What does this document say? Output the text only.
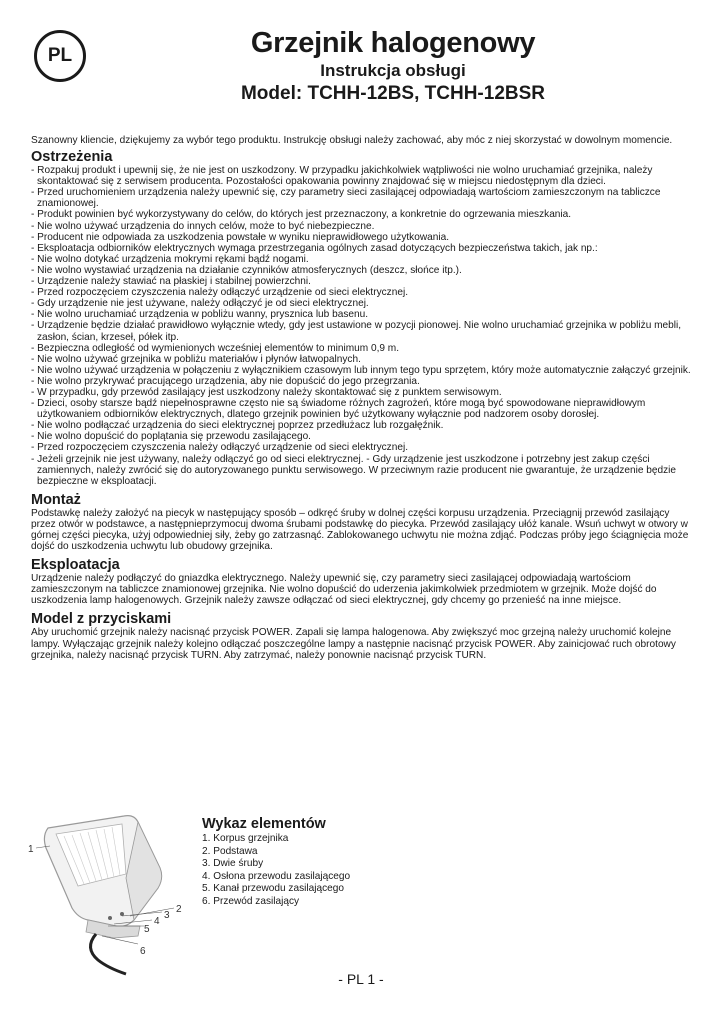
PL	Grzejnik halogenowy
Instrukcja obsługi
Model: TCHH-12BS, TCHH-12BSR

Szanowny kliencie, dziękujemy za wybór tego produktu. Instrukcję obsługi należy zachować, aby móc z niej skorzystać w dowolnym momencie.

Ostrzeżenia
- Rozpakuj produkt i upewnij się, że nie jest on uszkodzony. W przypadku jakichkolwiek wątpliwości nie wolno uruchamiać grzejnika, należy skontaktować się z serwisem producenta. Pozostałości opakowania powinny znajdować się w miejscu niedostępnym dla dzieci.
- Przed uruchomieniem urządzenia należy upewnić się, czy parametry sieci zasilającej odpowiadają wartościom zamieszczonym na tabliczce znamionowej.
- Produkt powinien być wykorzystywany do celów, do których jest przeznaczony, a konkretnie do ogrzewania mieszkania.
- Nie wolno używać urządzenia do innych celów, może to być niebezpieczne.
- Producent nie odpowiada za uszkodzenia powstałe w wyniku nieprawidłowego użytkowania.
- Eksploatacja odbiorników elektrycznych wymaga przestrzegania ogólnych zasad dotyczących bezpieczeństwa takich, jak np.:
- Nie wolno dotykać urządzenia mokrymi rękami bądź nogami.
- Nie wolno wystawiać urządzenia na działanie czynników atmosferycznych (deszcz, słońce itp.).
- Urządzenie należy stawiać na płaskiej i stabilnej powierzchni.
- Przed rozpoczęciem czyszczenia należy odłączyć urządzenie od sieci elektrycznej.
- Gdy urządzenie nie jest używane, należy odłączyć je od sieci elektrycznej.
- Nie wolno uruchamiać urządzenia w pobliżu wanny, prysznica lub basenu.
- Urządzenie będzie działać prawidłowo wyłącznie wtedy, gdy jest ustawione w pozycji pionowej. Nie wolno uruchamiać grzejnika w pobliżu mebli, zasłon, ścian, krzeseł, półek itp.
- Bezpieczna odległość od wymienionych wcześniej elementów to minimum 0,9 m.
- Nie wolno używać grzejnika w pobliżu materiałów i płynów łatwopalnych.
- Nie wolno używać urządzenia w połączeniu z wyłącznikiem czasowym lub innym tego typu sprzętem, który może automatycznie załączyć grzejnik.
- Nie wolno przykrywać pracującego urządzenia, aby nie dopuścić do jego przegrzania.
- W przypadku, gdy przewód zasilający jest uszkodzony należy skontaktować się z punktem serwisowym.
- Dzieci, osoby starsze bądź niepełnosprawne często nie są świadome różnych zagrożeń, które mogą być spowodowane nieprawidłowym użytkowaniem odbiorników elektrycznych, dlatego grzejnik powinien być użytkowany wyłącznie pod nadzorem osoby dorosłej.
- Nie wolno podłączać urządzenia do sieci elektrycznej poprzez przedłużacz lub rozgałęźnik.
- Nie wolno dopuścić do poplątania się przewodu zasilającego.
- Przed rozpoczęciem czyszczenia należy odłączyć urządzenie od sieci elektrycznej.
- Jeżeli grzejnik nie jest używany, należy odłączyć go od sieci elektrycznej. - Gdy urządzenie jest uszkodzone i potrzebny jest zakup części zamiennych, należy zwrócić się do autoryzowanego punktu serwisowego. W przeciwnym razie producent nie gwarantuje, że urządzenie będzie bezpieczne w eksploatacji.
Montaż

Podstawkę należy założyć na piecyk w następujący sposób – odkręć śruby w dolnej części korpusu urządzenia. Przeciągnij przewód zasilający przez otwór w podstawce, a następnieprzymocuj dwoma śrubami podstawkę do piecyka. Przewód zasilający ułóż kanale. Wsuń uchwyt w otwory w górnej części piecyka, użyj odpowiedniej siły, żeby go zatrzasnąć. Zablokowanego uchwytu nie można zdjąć. Podczas próby jego ściągnięcia może dojść do uszkodzenia uchwytu lub obudowy grzejnika.

Eksploatacja

Urządzenie należy podłączyć do gniazdka elektrycznego. Należy upewnić się, czy parametry sieci zasilającej odpowiadają wartościom zamieszczonym na tabliczce znamionowej grzejnika. Nie wolno dopuścić do uderzenia jakimkolwiek przedmiotem w grzejnik. Może dojść do uszkodzenia lamp halogenowych. Grzejnik należy zawsze odłączać od sieci elektrycznej, gdy chcemy go przenieść na inne miejsce.

Model z przyciskami

Aby uruchomić grzejnik należy nacisnąć przycisk POWER. Zapali się lampa halogenowa. Aby zwiększyć moc grzejną należy uruchomić kolejne lampy. Wyłączając grzejnik należy kolejno odłączać poszczególne lampy a następnie nacisnąć przycisk POWER. Aby zainicjować ruch obrotowy grzejnika, należy nacisnąć przycisk TURN. Aby zatrzymać, należy ponownie nacisnąć przycisk TURN.

1
2
3
4
5
6
Wykaz elementów
1. Korpus grzejnika
2. Podstawa
3. Dwie śruby
4. Osłona przewodu zasilającego
5. Kanał przewodu zasilającego
6. Przewód zasilający
- PL 1 -
